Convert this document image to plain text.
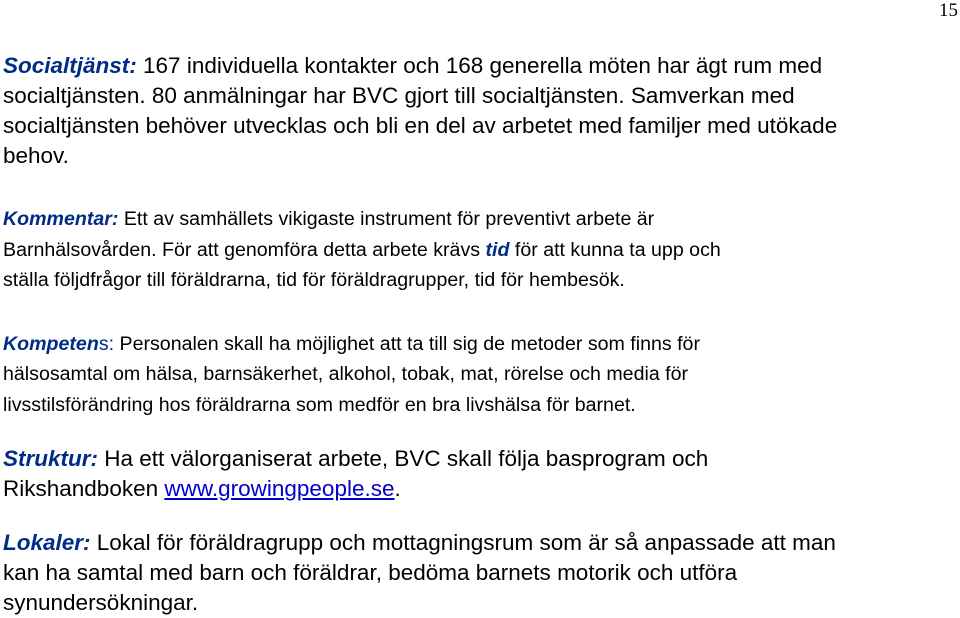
15

Socialtjänst: 167 individuella kontakter och 168 generella möten har ägt rum med
socialtjänsten. 80 anmälningar har BVC gjort till socialtjänsten. Samverkan med
socialtjänsten behöver utvecklas och bli en del av arbetet med familjer med utökade
behov.

Kommentar: Ett av samhällets vikigaste instrument för preventivt arbete är
Barnhälsovården. För att genomföra detta arbete krävs tid för att kunna ta upp och
ställa följdfrågor till föräldrarna, tid för föräldragrupper, tid för hembesök.

Kompetens: Personalen skall ha möjlighet att ta till sig de metoder som finns för
hälsosamtal om hälsa, barnsäkerhet, alkohol, tobak, mat, rörelse och media för
livsstilsförändring hos föräldrarna som medför en bra livshälsa för barnet.

Struktur: Ha ett välorganiserat arbete, BVC skall följa basprogram och
Rikshandboken www.growingpeople.se.

Lokaler: Lokal för föräldragrupp och mottagningsrum som är så anpassade att man
kan ha samtal med barn och föräldrar, bedöma barnets motorik och utföra
synundersökningar.
